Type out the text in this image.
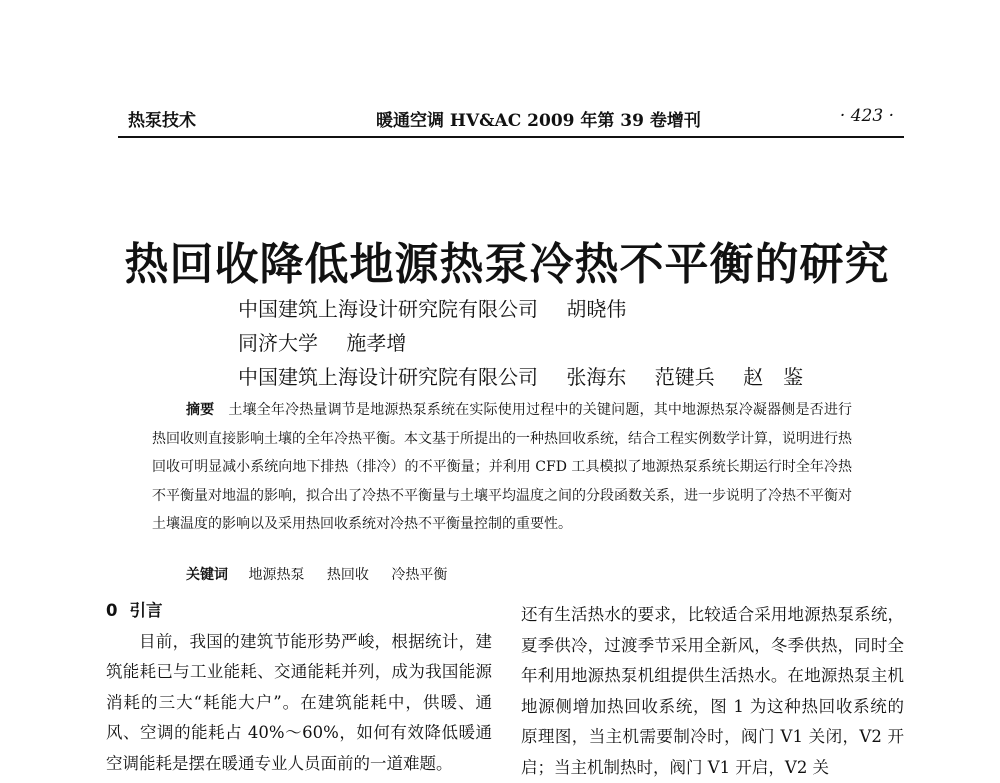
热泵技术	暖通空调 HV&AC 2009 年第 39 卷增刊	· 423 ·
热回收降低地源热泵冷热不平衡的研究
中国建筑上海设计研究院有限公司 胡晓伟
同济大学 施孝增
中国建筑上海设计研究院有限公司 张海东 范键兵 赵　鉴
摘要 土壤全年冷热量调节是地源热泵系统在实际使用过程中的关键问题，其中地源热泵冷凝器侧是否进行热回收则直接影响土壤的全年冷热平衡。本文基于所提出的一种热回收系统，结合工程实例数学计算，说明进行热回收可明显减小系统向地下排热（排冷）的不平衡量；并利用 CFD 工具模拟了地源热泵系统长期运行时全年冷热不平衡量对地温的影响，拟合出了冷热不平衡量与土壤平均温度之间的分段函数关系，进一步说明了冷热不平衡对土壤温度的影响以及采用热回收系统对冷热不平衡量控制的重要性。
关键词 地源热泵 热回收 冷热平衡
0 引言
目前，我国的建筑节能形势严峻，根据统计，建筑能耗已与工业能耗、交通能耗并列，成为我国能源消耗的三大“耗能大户”。在建筑能耗中，供暖、通风、空调的能耗占 40%～60%，如何有效降低暖通空调能耗是摆在暖通专业人员面前的一道难题。
还有生活热水的要求，比较适合采用地源热泵系统，夏季供冷，过渡季节采用全新风，冬季供热，同时全年利用地源热泵机组提供生活热水。在地源热泵主机地源侧增加热回收系统，图 1 为这种热回收系统的原理图，当主机需要制冷时，阀门 V1 关闭，V2 开启；当主机制热时，阀门 V1 开启，V2 关
